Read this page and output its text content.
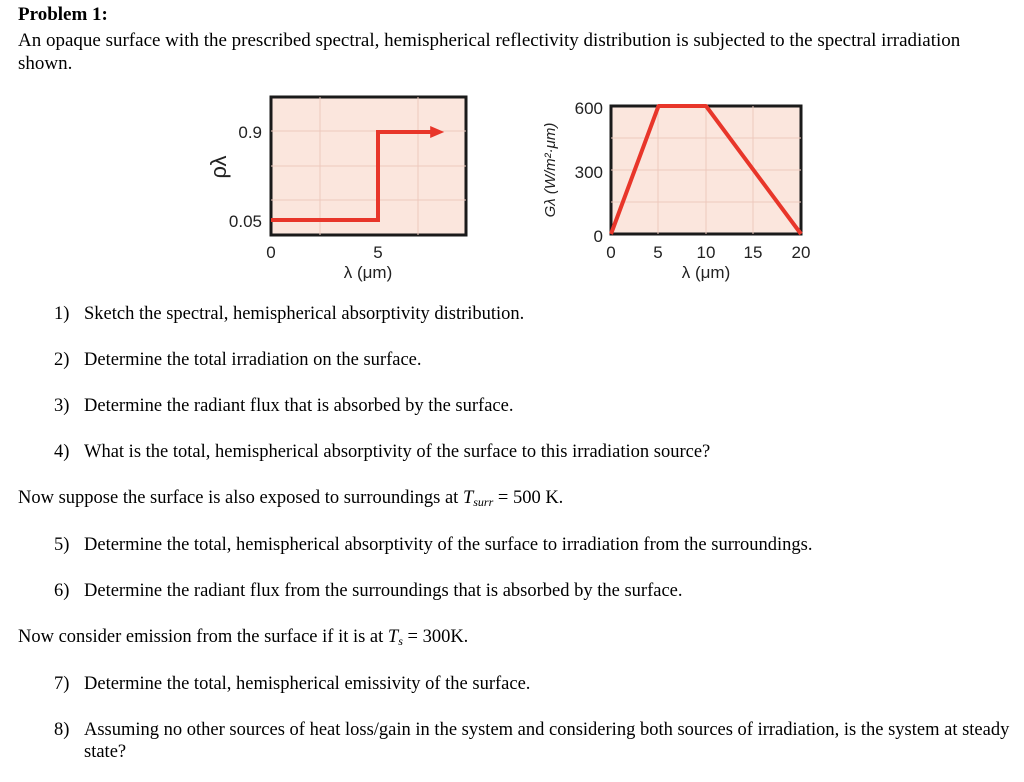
Problem 1:
An opaque surface with the prescribed spectral, hemispherical reflectivity distribution is subjected to the spectral irradiation shown.
0.9
0.05
0	5
λ (μm)
ρλ
600
300
0
0 5 10 15 20
λ (μm)
Gλ (W/m²·μm)
1) Sketch the spectral, hemispherical absorptivity distribution.
2) Determine the total irradiation on the surface.
3) Determine the radiant flux that is absorbed by the surface.
4) What is the total, hemispherical absorptivity of the surface to this irradiation source?
Now suppose the surface is also exposed to surroundings at $T_{surr} = 500$ K.
5) Determine the total, hemispherical absorptivity of the surface to irradiation from the surroundings.
6) Determine the radiant flux from the surroundings that is absorbed by the surface.
Now consider emission from the surface if it is at $T_s = 300K$.
7) Determine the total, hemispherical emissivity of the surface.
8) Assuming no other sources of heat loss/gain in the system and considering both sources of irradiation, is the system at steady state?
